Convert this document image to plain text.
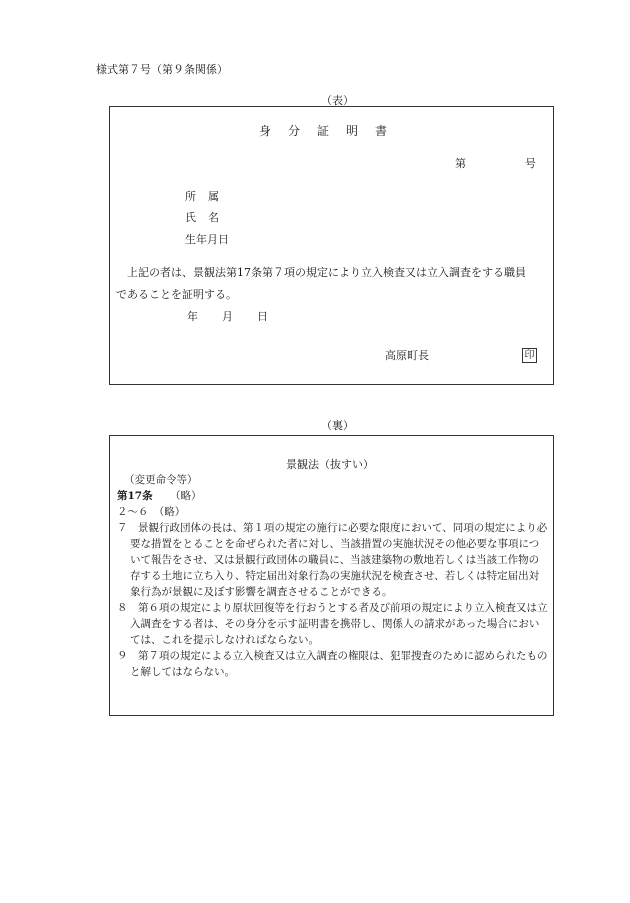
様式第７号（第９条関係）
（表）
身分証明書
第	号
所属
氏名
生年月日
上記の者は、景観法第17条第７項の規定により立入検査又は立入調査をする職員
であることを証明する。
年 月 日
高原町長	印
（裏）
景観法（抜すい）
（変更命令等）
第17条 （略）
２～６　（略）
７　景観行政団体の長は、第１項の規定の施行に必要な限度において、同項の規定により必要な措置をとることを命ぜられた者に対し、当該措置の実施状況その他必要な事項について報告をさせ、又は景観行政団体の職員に、当該建築物の敷地若しくは当該工作物の存する土地に立ち入り、特定届出対象行為の実施状況を検査させ、若しくは特定届出対象行為が景観に及ぼす影響を調査させることができる。
８　第６項の規定により原状回復等を行おうとする者及び前項の規定により立入検査又は立入調査をする者は、その身分を示す証明書を携帯し、関係人の請求があった場合においては、これを提示しなければならない。
９　第７項の規定による立入検査又は立入調査の権限は、犯罪捜査のために認められたものと解してはならない。
